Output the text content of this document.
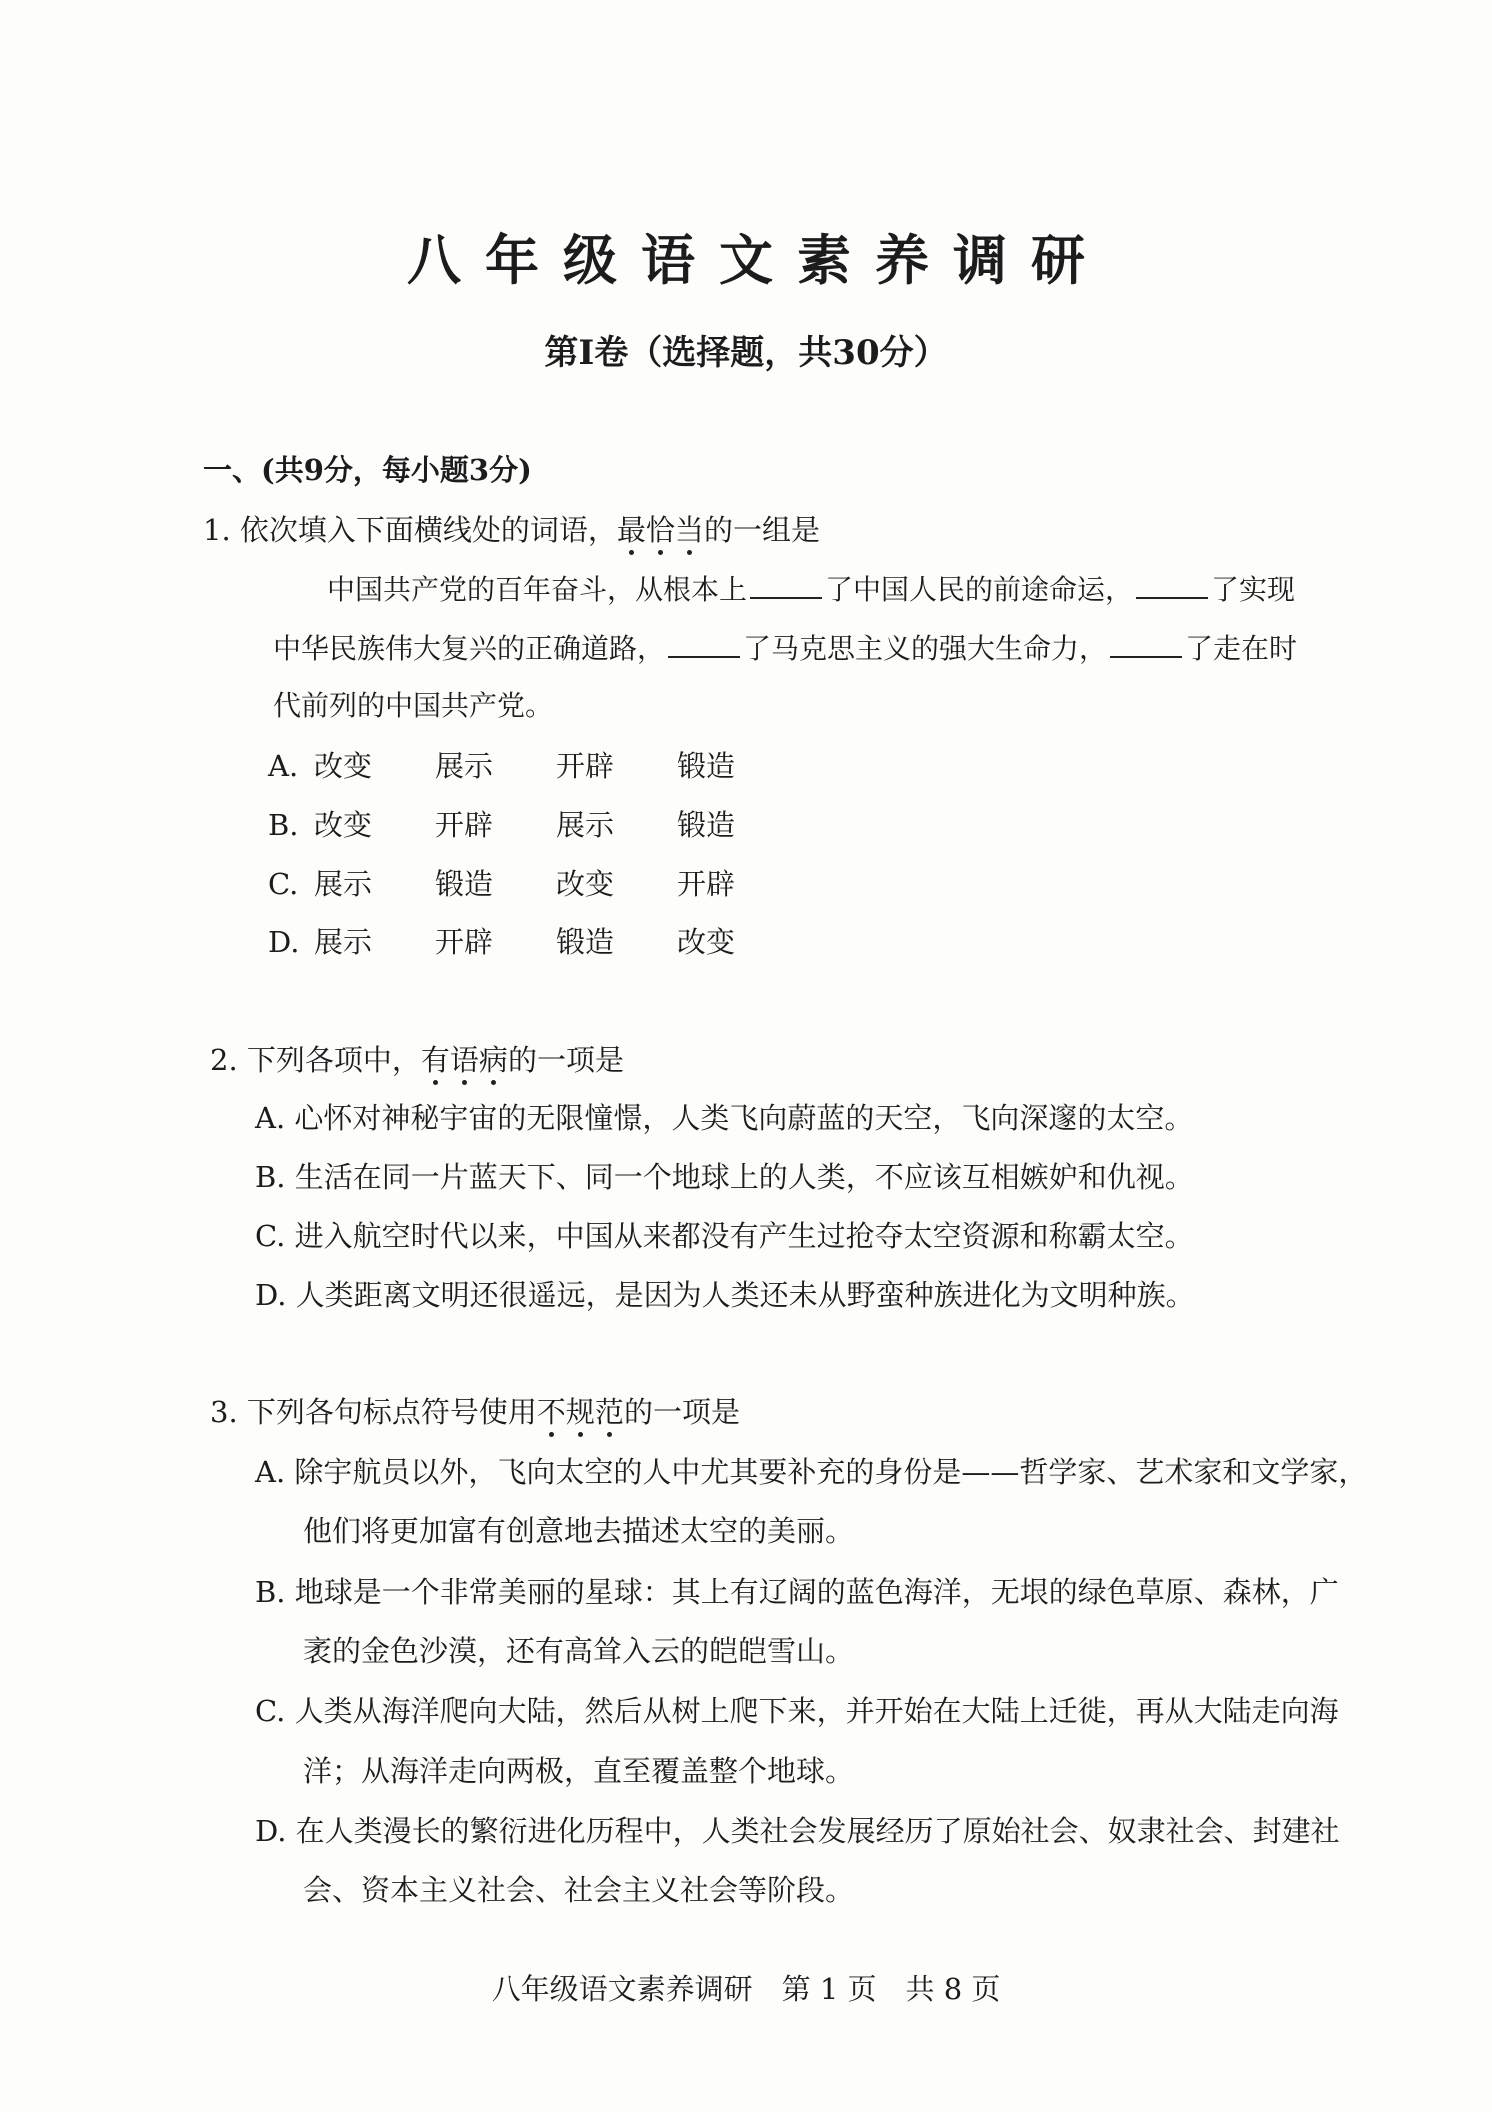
八年级语文素养调研
第Ⅰ卷（选择题，共30分）
一、(共9分，每小题3分)
1. 依次填入下面横线处的词语，最恰当的一组是
中国共产党的百年奋斗，从根本上	了中国人民的前途命运，	了实现
中华民族伟大复兴的正确道路，	了马克思主义的强大生命力，	了走在时
代前列的中国共产党。
A. 改变 展示 开辟 锻造
B. 改变 开辟 展示 锻造
C. 展示 锻造 改变 开辟
D. 展示 开辟 锻造 改变
2. 下列各项中，有语病的一项是
A. 心怀对神秘宇宙的无限憧憬，人类飞向蔚蓝的天空，飞向深邃的太空。
B. 生活在同一片蓝天下、同一个地球上的人类，不应该互相嫉妒和仇视。
C. 进入航空时代以来，中国从来都没有产生过抢夺太空资源和称霸太空。
D. 人类距离文明还很遥远，是因为人类还未从野蛮种族进化为文明种族。
3. 下列各句标点符号使用不规范的一项是
A. 除宇航员以外，飞向太空的人中尤其要补充的身份是——哲学家、艺术家和文学家，
他们将更加富有创意地去描述太空的美丽。
B. 地球是一个非常美丽的星球：其上有辽阔的蓝色海洋，无垠的绿色草原、森林，广
袤的金色沙漠，还有高耸入云的皑皑雪山。
C. 人类从海洋爬向大陆，然后从树上爬下来，并开始在大陆上迁徙，再从大陆走向海
洋；从海洋走向两极，直至覆盖整个地球。
D. 在人类漫长的繁衍进化历程中，人类社会发展经历了原始社会、奴隶社会、封建社
会、资本主义社会、社会主义社会等阶段。
八年级语文素养调研　第 1 页　共 8 页
